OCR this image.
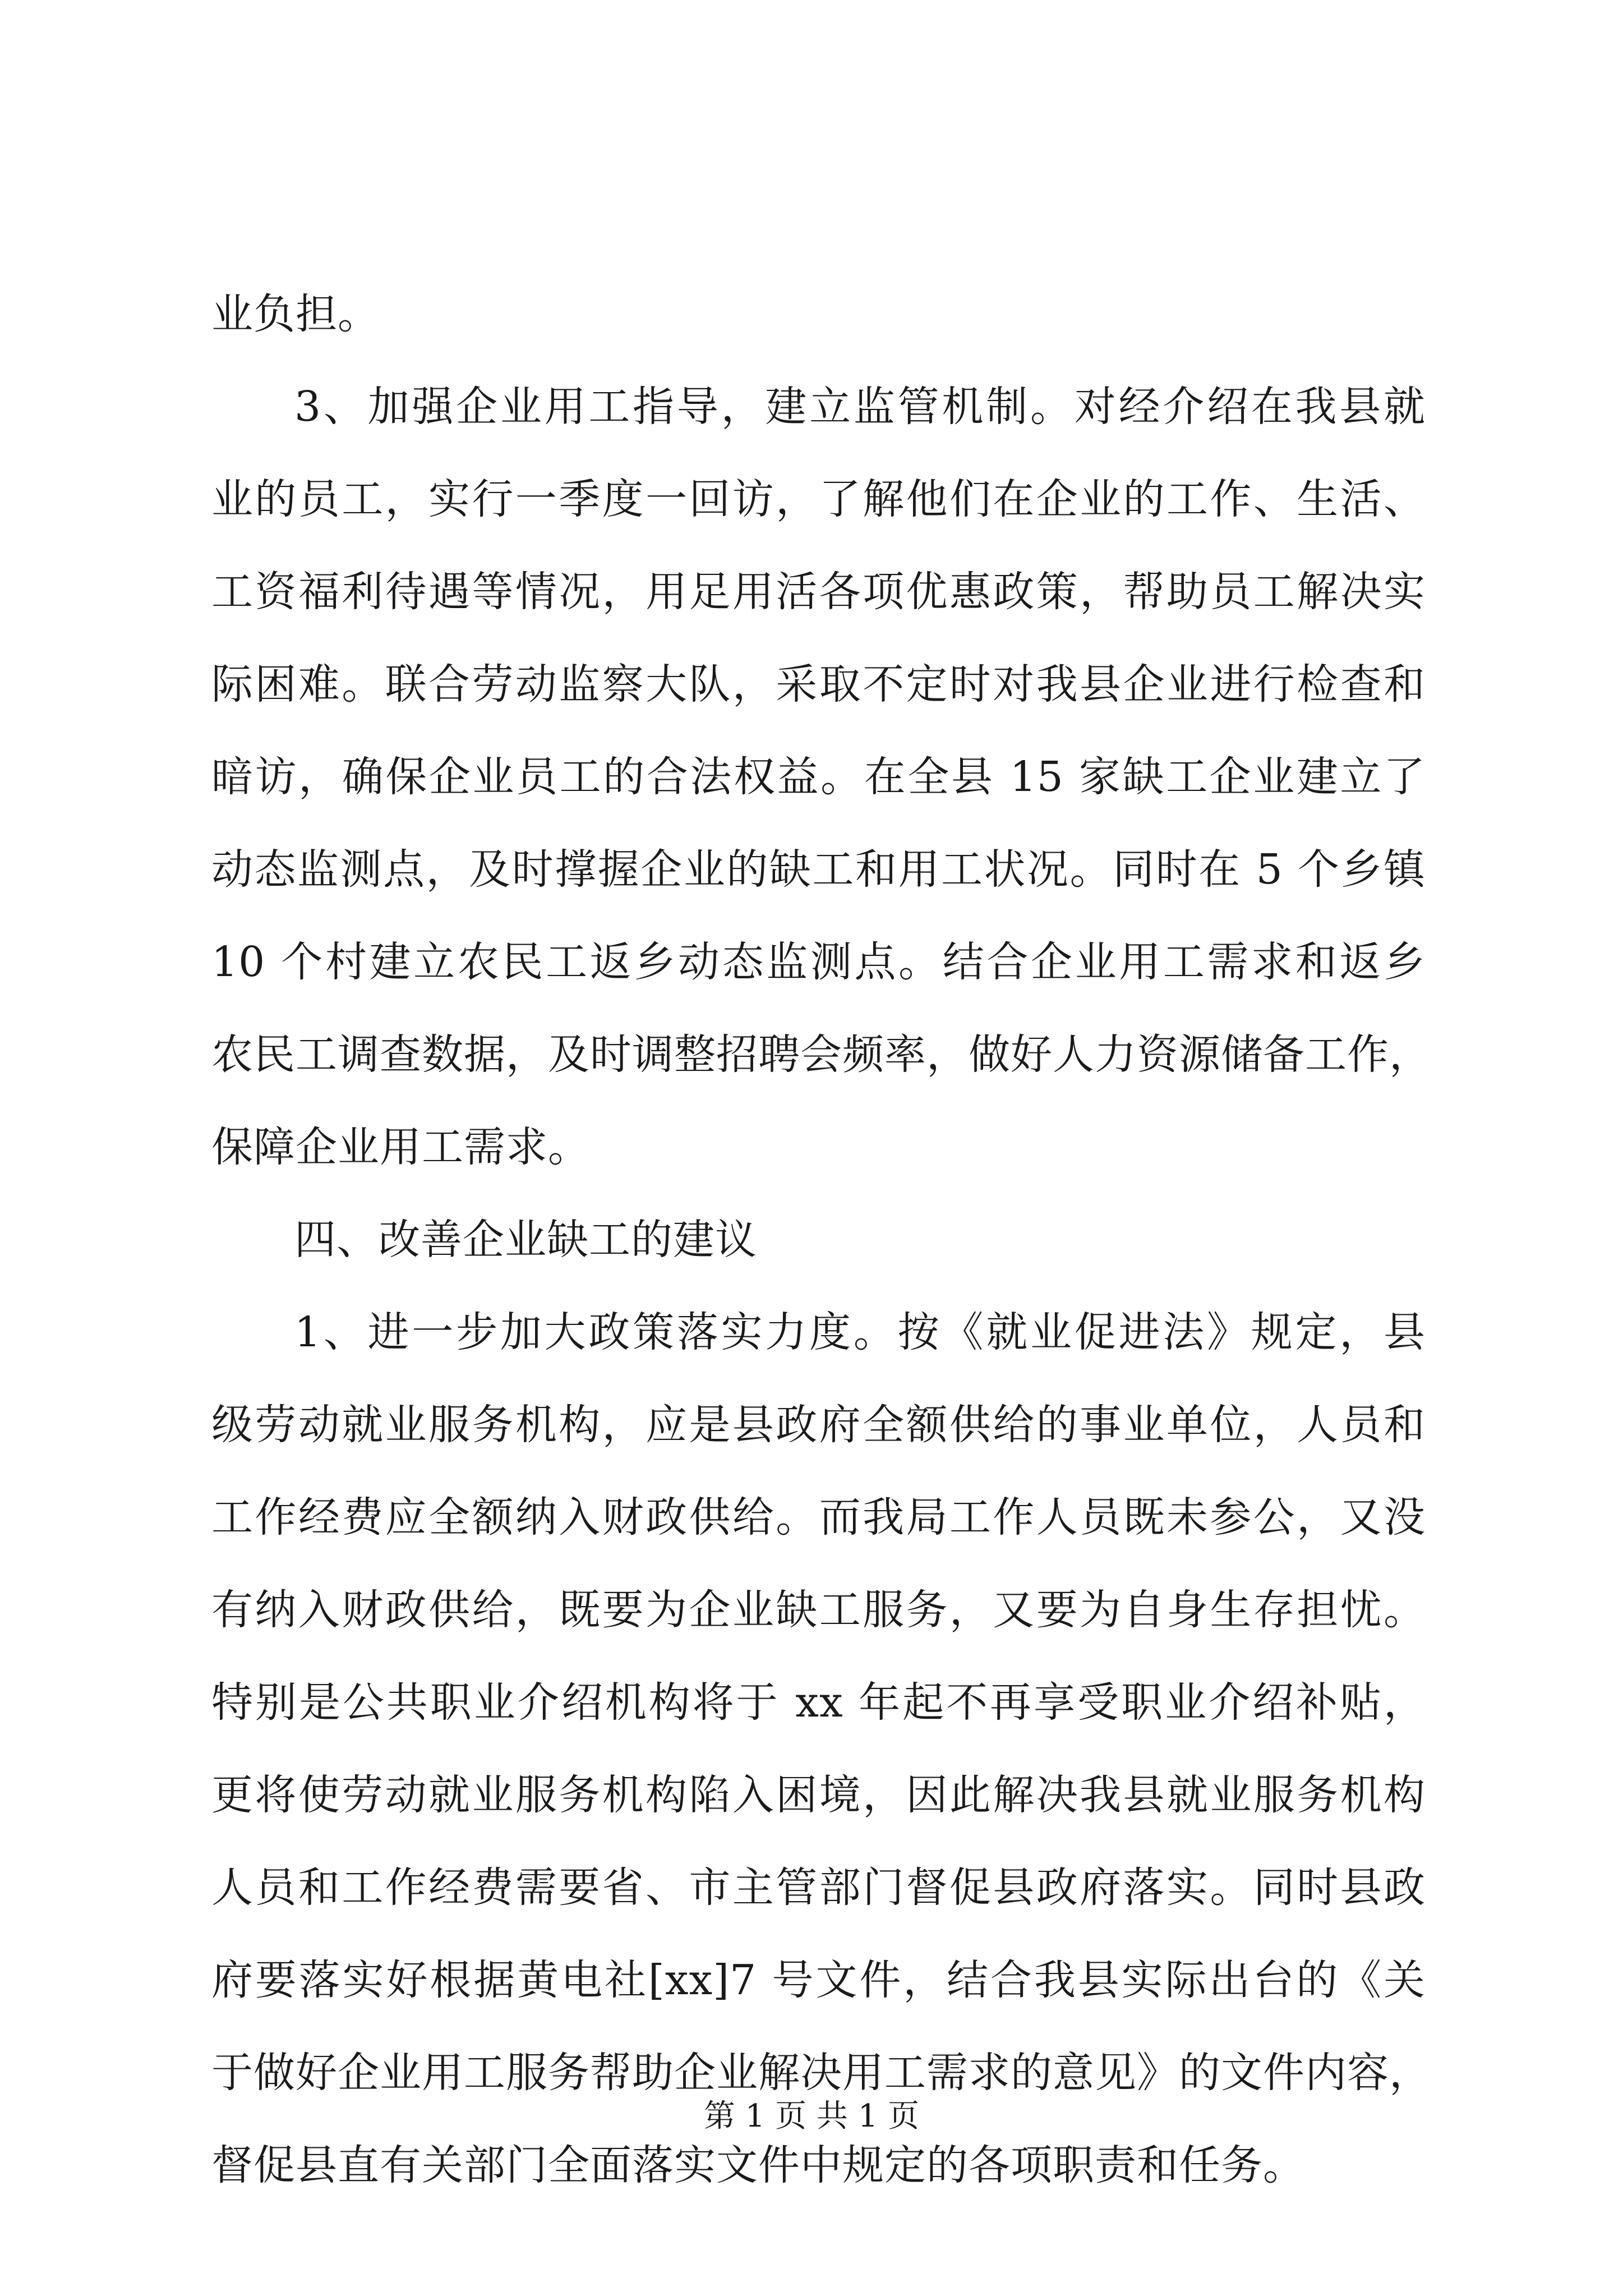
业负担。
3、加强企业用工指导，建立监管机制。对经介绍在我县就
业的员工，实行一季度一回访，了解他们在企业的工作、生活、
工资福利待遇等情况，用足用活各项优惠政策，帮助员工解决实
际困难。联合劳动监察大队，采取不定时对我县企业进行检查和
暗访，确保企业员工的合法权益。在全县 15 家缺工企业建立了
动态监测点，及时撑握企业的缺工和用工状况。同时在 5 个乡镇
10 个村建立农民工返乡动态监测点。结合企业用工需求和返乡
农民工调查数据，及时调整招聘会频率，做好人力资源储备工作，
保障企业用工需求。
四、改善企业缺工的建议
1、进一步加大政策落实力度。按《就业促进法》规定，县
级劳动就业服务机构，应是县政府全额供给的事业单位，人员和
工作经费应全额纳入财政供给。而我局工作人员既未参公，又没
有纳入财政供给，既要为企业缺工服务，又要为自身生存担忧。
特别是公共职业介绍机构将于 xx 年起不再享受职业介绍补贴，
更将使劳动就业服务机构陷入困境，因此解决我县就业服务机构
人员和工作经费需要省、市主管部门督促县政府落实。同时县政
府要落实好根据黄电社[xx]7 号文件，结合我县实际出台的《关
于做好企业用工服务帮助企业解决用工需求的意见》的文件内容，
督促县直有关部门全面落实文件中规定的各项职责和任务。
第 1 页 共 1 页
